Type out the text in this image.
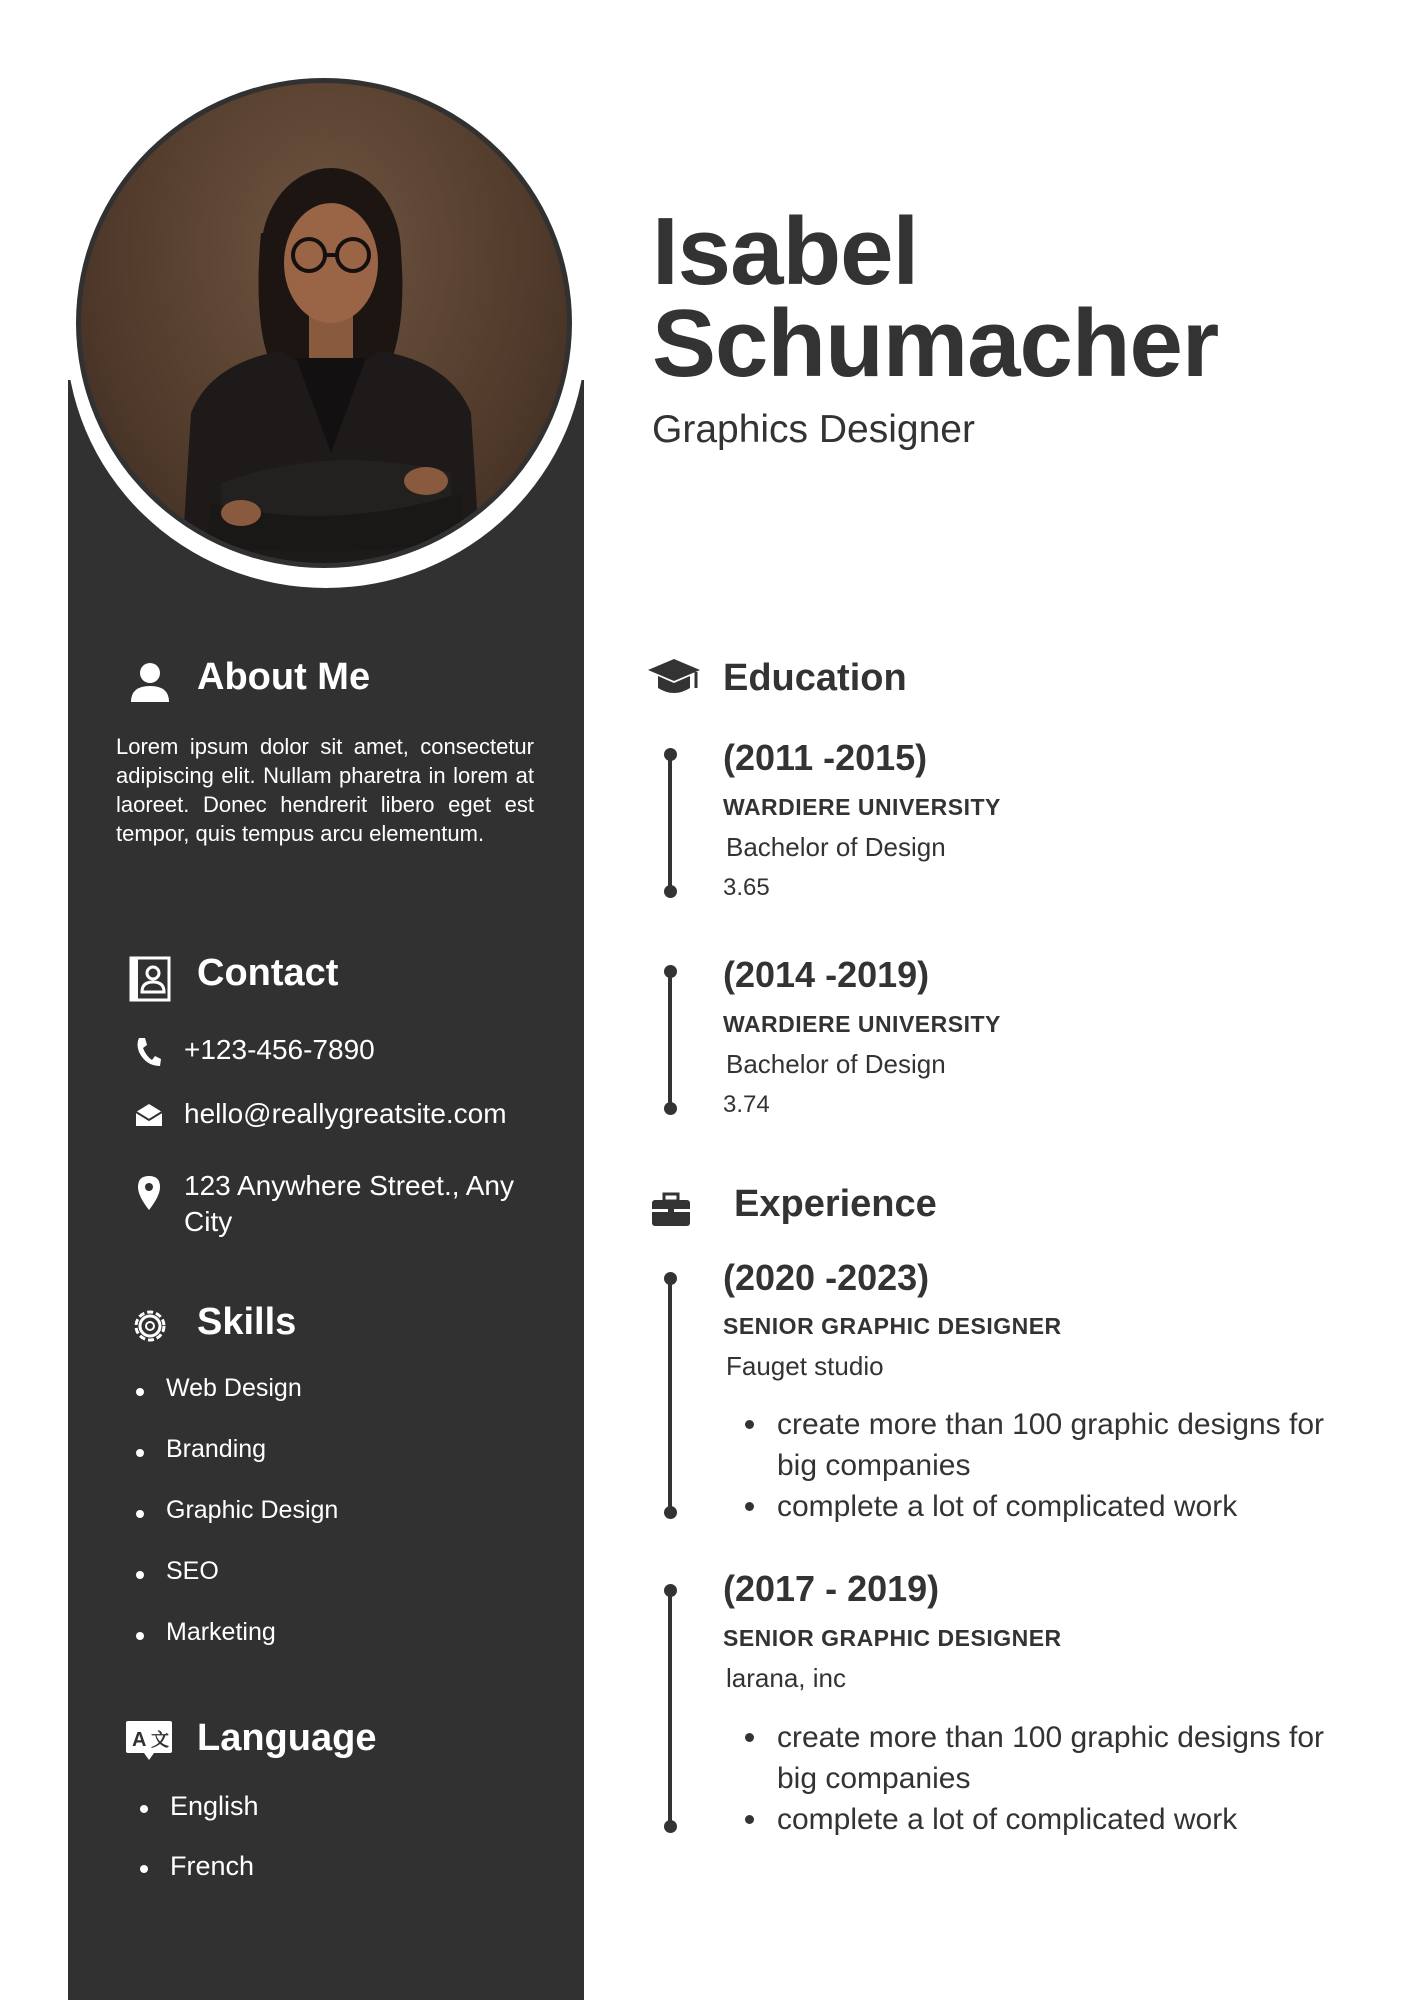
Isabel
Schumacher
Graphics Designer
About Me
Lorem ipsum dolor sit amet, consectetur adipiscing elit. Nullam pharetra in lorem at laoreet. Donec hendrerit libero eget est tempor, quis tempus arcu elementum.
Contact
+123-456-7890
hello@reallygreatsite.com
123 Anywhere Street., Any City
Skills
Web Design
Branding
Graphic Design
SEO
Marketing
A 文 Language
English
French
Education
(2011 -2015)
WARDIERE UNIVERSITY
Bachelor of Design
3.65
(2014 -2019)
WARDIERE UNIVERSITY
Bachelor of Design
3.74
Experience
(2020 -2023)
SENIOR GRAPHIC DESIGNER
Fauget studio
create more than 100 graphic designs for big companies
complete a lot of complicated work
(2017 - 2019)
SENIOR GRAPHIC DESIGNER
larana, inc
create more than 100 graphic designs for big companies
complete a lot of complicated work
